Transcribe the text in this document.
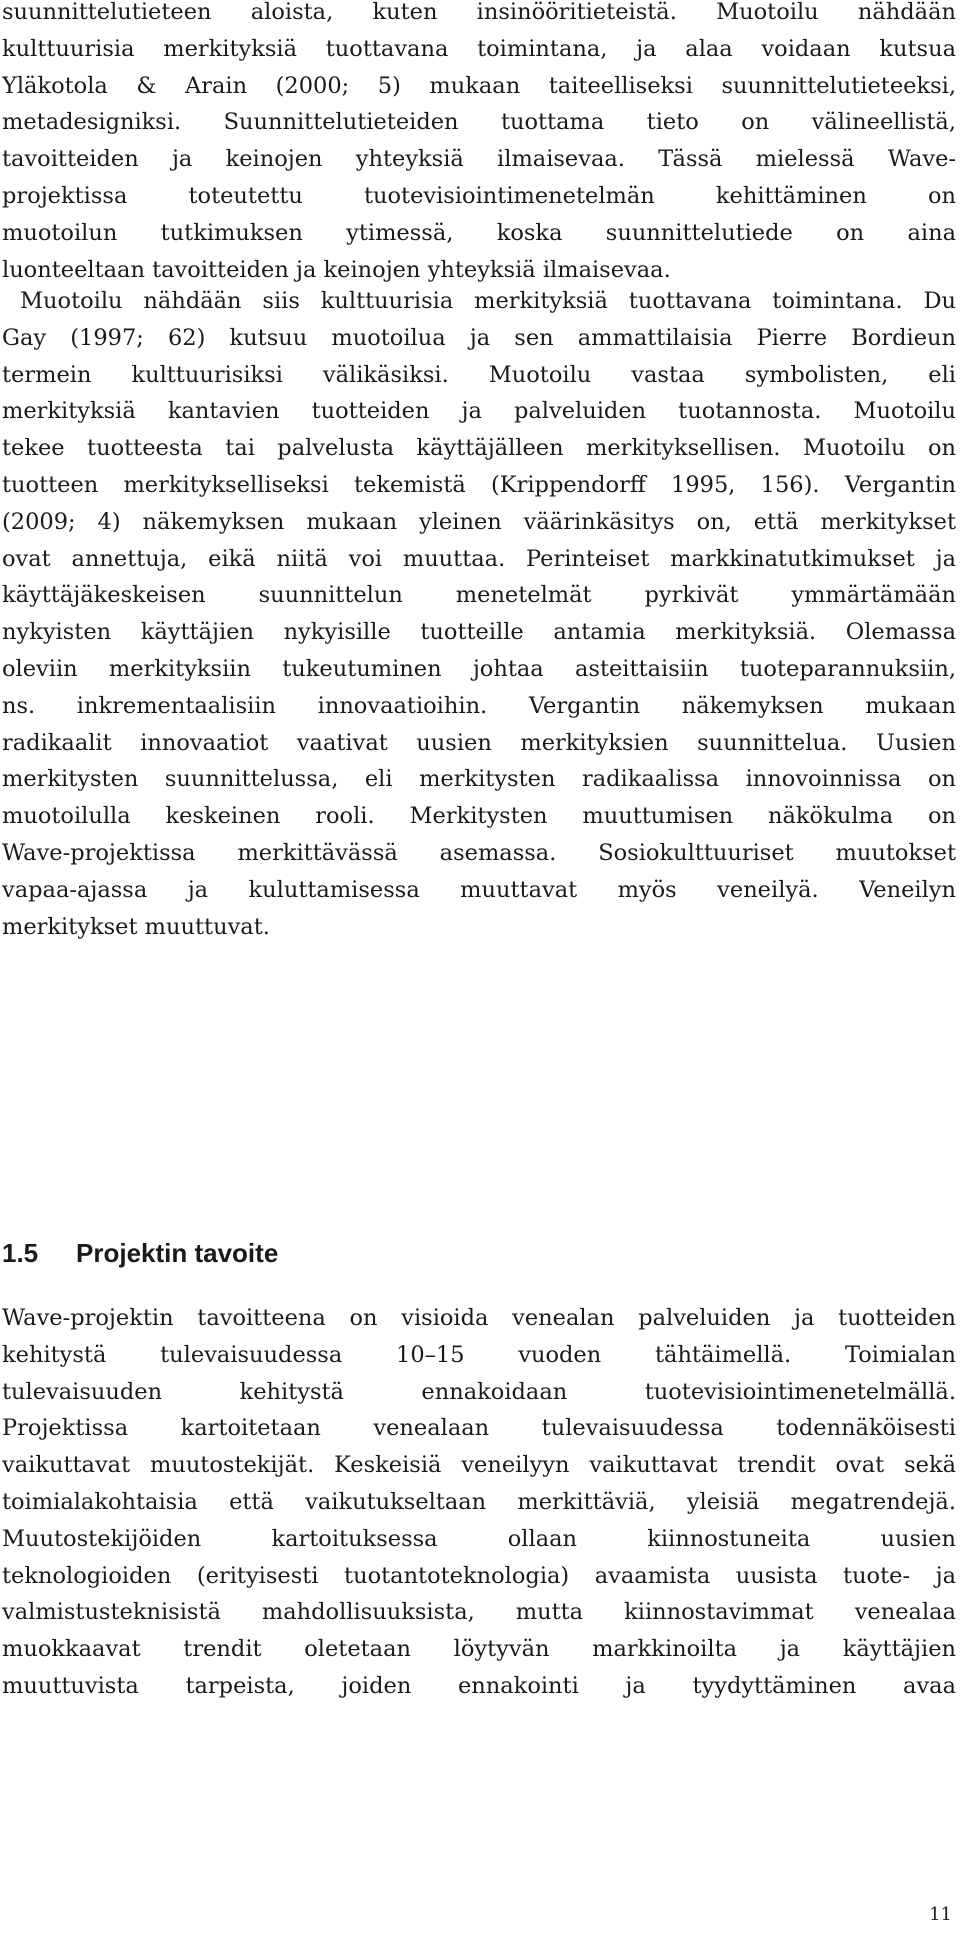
suunnittelutieteen aloista, kuten insinööritieteistä. Muotoilu nähdään
kulttuurisia merkityksiä tuottavana toimintana, ja alaa voidaan kutsua
Yläkotola & Arain (2000; 5) mukaan taiteelliseksi suunnittelutieteeksi,
metadesigniksi. Suunnittelutieteiden tuottama tieto on välineellistä,
tavoitteiden ja keinojen yhteyksiä ilmaisevaa. Tässä mielessä Wave-
projektissa toteutettu tuotevisiointimenetelmän kehittäminen on
muotoilun tutkimuksen ytimessä, koska suunnittelutiede on aina
luonteeltaan tavoitteiden ja keinojen yhteyksiä ilmaisevaa.
Muotoilu nähdään siis kulttuurisia merkityksiä tuottavana toimintana. Du
Gay (1997; 62) kutsuu muotoilua ja sen ammattilaisia Pierre Bordieun
termein kulttuurisiksi välikäsiksi. Muotoilu vastaa symbolisten, eli
merkityksiä kantavien tuotteiden ja palveluiden tuotannosta. Muotoilu
tekee tuotteesta tai palvelusta käyttäjälleen merkityksellisen. Muotoilu on
tuotteen merkitykselliseksi tekemistä (Krippendorff 1995, 156). Vergantin
(2009; 4) näkemyksen mukaan yleinen väärinkäsitys on, että merkitykset
ovat annettuja, eikä niitä voi muuttaa. Perinteiset markkinatutkimukset ja
käyttäjäkeskeisen suunnittelun menetelmät pyrkivät ymmärtämään
nykyisten käyttäjien nykyisille tuotteille antamia merkityksiä. Olemassa
oleviin merkityksiin tukeutuminen johtaa asteittaisiin tuoteparannuksiin,
ns. inkrementaalisiin innovaatioihin. Vergantin näkemyksen mukaan
radikaalit innovaatiot vaativat uusien merkityksien suunnittelua. Uusien
merkitysten suunnittelussa, eli merkitysten radikaalissa innovoinnissa on
muotoilulla keskeinen rooli. Merkitysten muuttumisen näkökulma on
Wave-projektissa merkittävässä asemassa. Sosiokulttuuriset muutokset
vapaa-ajassa ja kuluttamisessa muuttavat myös veneilyä. Veneilyn
merkitykset muuttuvat.
1.5 Projektin tavoite
Wave-projektin tavoitteena on visioida venealan palveluiden ja tuotteiden
kehitystä tulevaisuudessa 10–15 vuoden tähtäimellä. Toimialan
tulevaisuuden kehitystä ennakoidaan tuotevisiointimenetelmällä.
Projektissa kartoitetaan venealaan tulevaisuudessa todennäköisesti
vaikuttavat muutostekijät. Keskeisiä veneilyyn vaikuttavat trendit ovat sekä
toimialakohtaisia että vaikutukseltaan merkittäviä, yleisiä megatrendejä.
Muutostekijöiden kartoituksessa ollaan kiinnostuneita uusien
teknologioiden (erityisesti tuotantoteknologia) avaamista uusista tuote- ja
valmistusteknisistä mahdollisuuksista, mutta kiinnostavimmat venealaa
muokkaavat trendit oletetaan löytyvän markkinoilta ja käyttäjien
muuttuvista tarpeista, joiden ennakointi ja tyydyttäminen avaa
11
